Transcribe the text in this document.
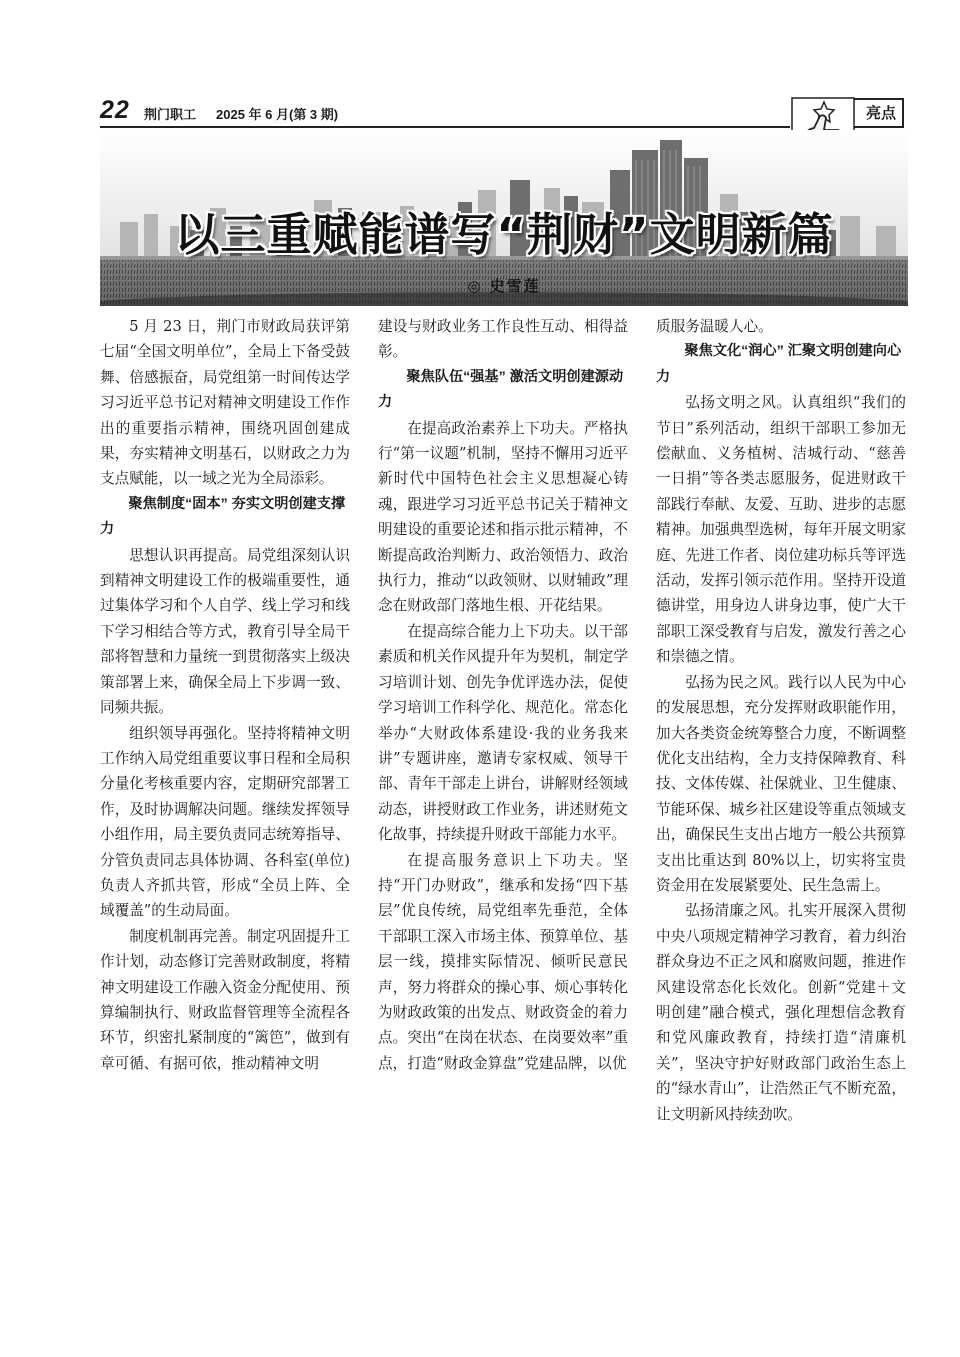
22 荆门职工 2025 年 6 月(第 3 期)	亮点
以三重赋能谱写“荆财”文明新篇
◎ 史雪莲

5 月 23 日，荆门市财政局获评第七届“全国文明单位”，全局上下备受鼓舞、倍感振奋，局党组第一时间传达学习习近平总书记对精神文明建设工作作出的重要指示精神，围绕巩固创建成果，夯实精神文明基石，以财政之力为支点赋能，以一域之光为全局添彩。

聚焦制度“固本” 夯实文明创建支撑力

思想认识再提高。局党组深刻认识到精神文明建设工作的极端重要性，通过集体学习和个人自学、线上学习和线下学习相结合等方式，教育引导全局干部将智慧和力量统一到贯彻落实上级决策部署上来，确保全局上下步调一致、同频共振。

组织领导再强化。坚持将精神文明工作纳入局党组重要议事日程和全局积分量化考核重要内容，定期研究部署工作，及时协调解决问题。继续发挥领导小组作用，局主要负责同志统筹指导、分管负责同志具体协调、各科室(单位)负责人齐抓共管，形成“全员上阵、全域覆盖”的生动局面。

制度机制再完善。制定巩固提升工作计划，动态修订完善财政制度，将精神文明建设工作融入资金分配使用、预算编制执行、财政监督管理等全流程各环节，织密扎紧制度的“篱笆”，做到有章可循、有据可依，推动精神文明

建设与财政业务工作良性互动、相得益彰。

聚焦队伍“强基” 激活文明创建源动力

在提高政治素养上下功夫。严格执行“第一议题”机制，坚持不懈用习近平新时代中国特色社会主义思想凝心铸魂，跟进学习习近平总书记关于精神文明建设的重要论述和指示批示精神，不断提高政治判断力、政治领悟力、政治执行力，推动“以政领财、以财辅政”理念在财政部门落地生根、开花结果。

在提高综合能力上下功夫。以干部素质和机关作风提升年为契机，制定学习培训计划、创先争优评选办法，促使学习培训工作科学化、规范化。常态化举办“大财政体系建设·我的业务我来讲”专题讲座，邀请专家权威、领导干部、青年干部走上讲台，讲解财经领域动态，讲授财政工作业务，讲述财苑文化故事，持续提升财政干部能力水平。

在提高服务意识上下功夫。坚持“开门办财政”，继承和发扬“四下基层”优良传统，局党组率先垂范，全体干部职工深入市场主体、预算单位、基层一线，摸排实际情况、倾听民意民声，努力将群众的操心事、烦心事转化为财政政策的出发点、财政资金的着力点。突出“在岗在状态、在岗要效率”重点，打造“财政金算盘”党建品牌，以优

质服务温暖人心。

聚焦文化“润心” 汇聚文明创建向心力

弘扬文明之风。认真组织“我们的节日”系列活动，组织干部职工参加无偿献血、义务植树、洁城行动、“慈善一日捐”等各类志愿服务，促进财政干部践行奉献、友爱、互助、进步的志愿精神。加强典型选树，每年开展文明家庭、先进工作者、岗位建功标兵等评选活动，发挥引领示范作用。坚持开设道德讲堂，用身边人讲身边事，使广大干部职工深受教育与启发，激发行善之心和崇德之情。

弘扬为民之风。践行以人民为中心的发展思想，充分发挥财政职能作用，加大各类资金统筹整合力度，不断调整优化支出结构，全力支持保障教育、科技、文体传媒、社保就业、卫生健康、节能环保、城乡社区建设等重点领域支出，确保民生支出占地方一般公共预算支出比重达到 80%以上，切实将宝贵资金用在发展紧要处、民生急需上。

弘扬清廉之风。扎实开展深入贯彻中央八项规定精神学习教育，着力纠治群众身边不正之风和腐败问题，推进作风建设常态化长效化。创新“党建＋文明创建”融合模式，强化理想信念教育和党风廉政教育，持续打造“清廉机关”，坚决守护好财政部门政治生态上的“绿水青山”，让浩然正气不断充盈，让文明新风持续劲吹。
